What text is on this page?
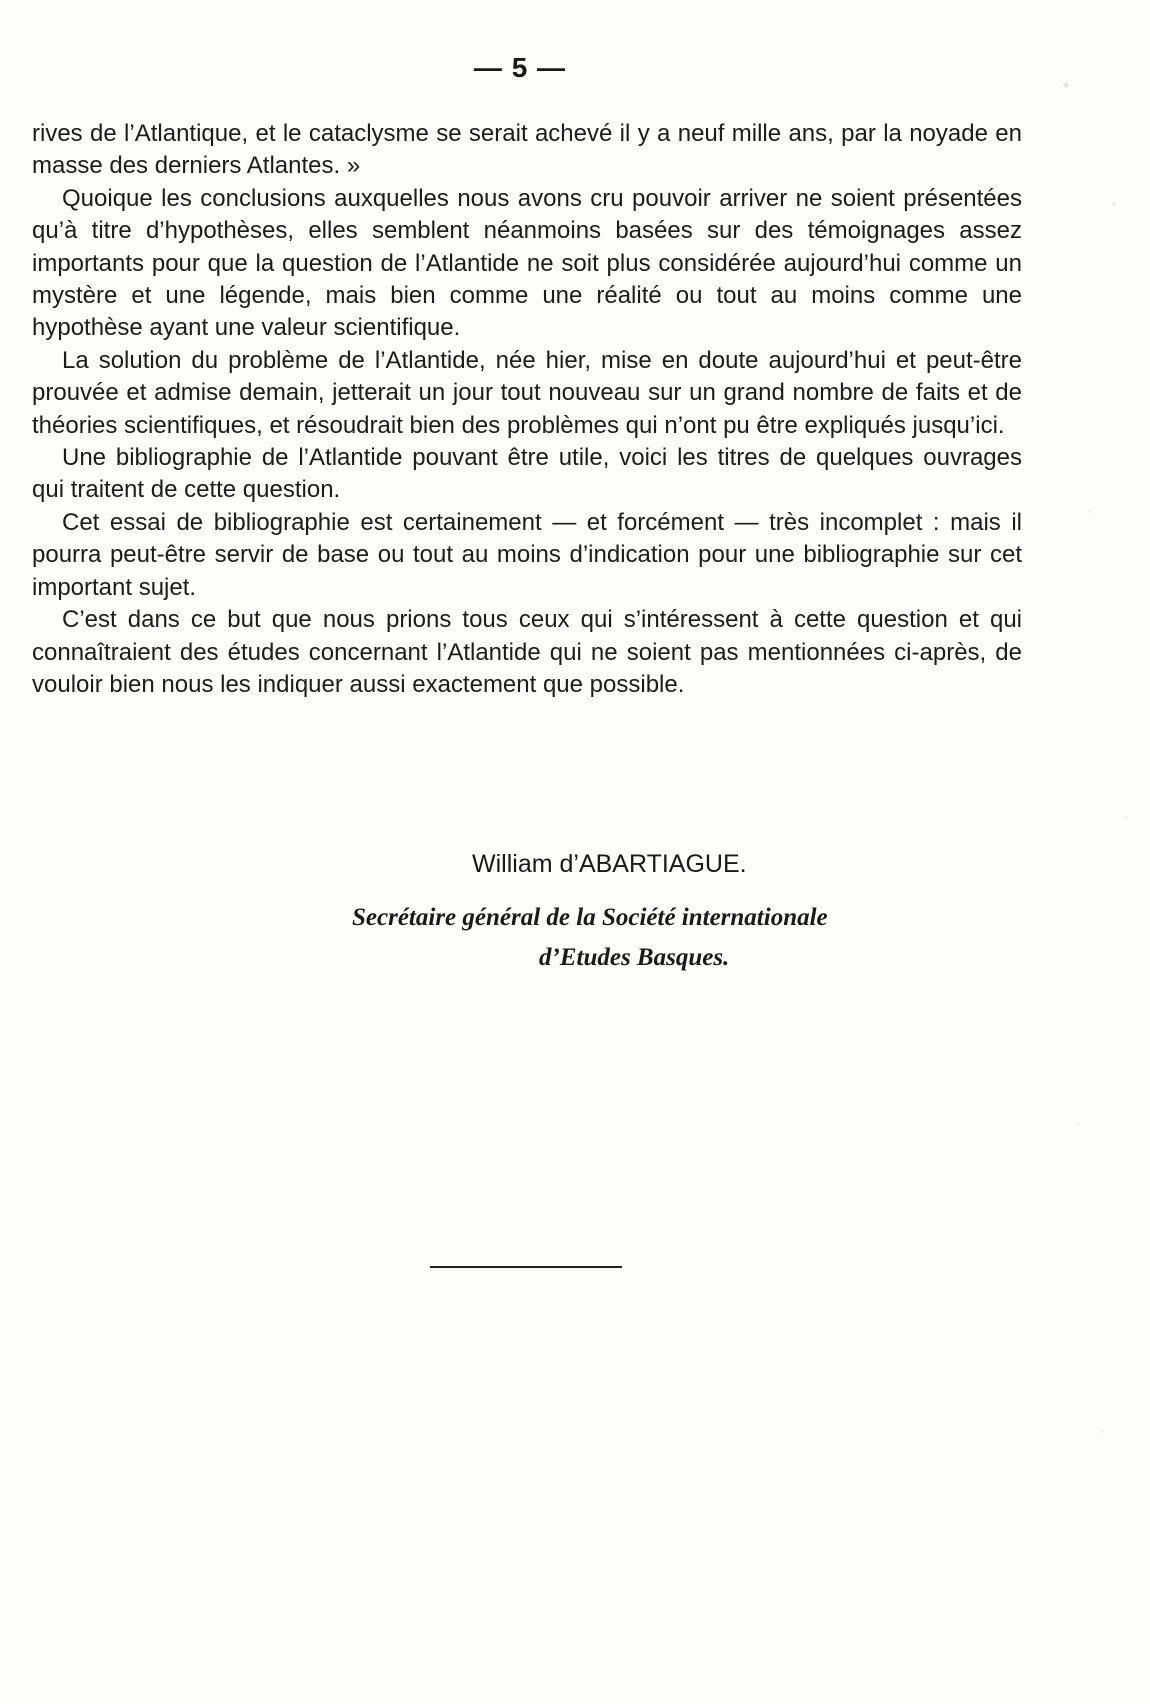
— 5 —

rives de l’Atlantique, et le cataclysme se serait achevé il y a neuf mille ans, par la noyade en masse des derniers Atlantes. »

Quoique les conclusions auxquelles nous avons cru pouvoir arriver ne soient présentées qu’à titre d’hypothèses, elles semblent néanmoins basées sur des témoignages assez importants pour que la question de l’Atlantide ne soit plus considérée aujourd’hui comme un mystère et une légende, mais bien comme une réalité ou tout au moins comme une hypothèse ayant une valeur scientifique.

La solution du problème de l’Atlantide, née hier, mise en doute aujourd’hui et peut-être prouvée et admise demain, jetterait un jour tout nouveau sur un grand nombre de faits et de théories scientifiques, et résoudrait bien des problèmes qui n’ont pu être expliqués jusqu’ici.

Une bibliographie de l’Atlantide pouvant être utile, voici les titres de quelques ouvrages qui traitent de cette question.

Cet essai de bibliographie est certainement — et forcément — très incomplet : mais il pourra peut-être servir de base ou tout au moins d’indication pour une bibliographie sur cet important sujet.

C’est dans ce but que nous prions tous ceux qui s’intéressent à cette question et qui connaîtraient des études concernant l’Atlantide qui ne soient pas mentionnées ci-après, de vouloir bien nous les indiquer aussi exactement que possible.

William d’ABARTIAGUE.
Secrétaire général de la Société internationale
d’Etudes Basques.
